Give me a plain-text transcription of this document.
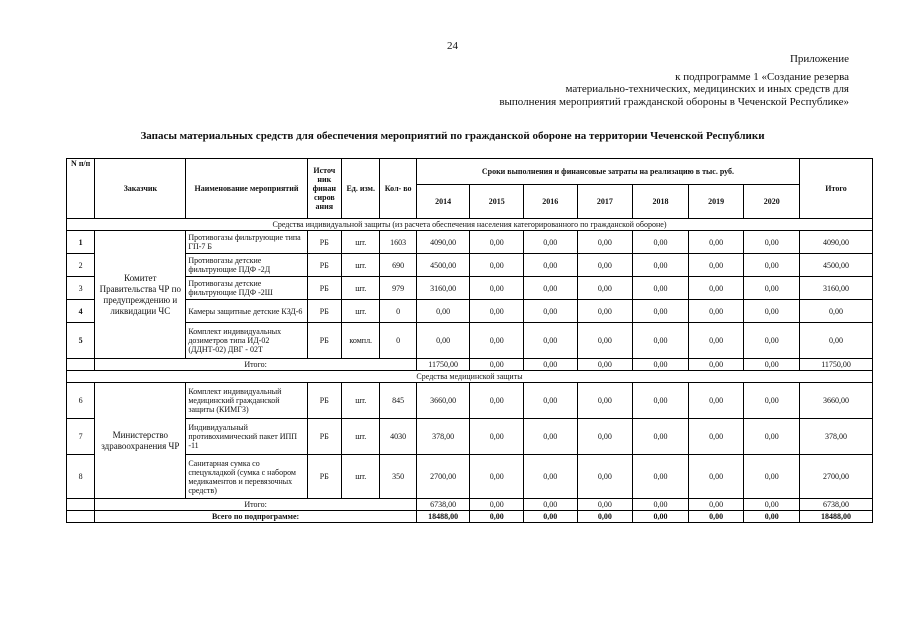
24
Приложение
к подпрограмме 1 «Создание резерва
материально-технических, медицинских и иных средств для
выполнения мероприятий гражданской обороны в Чеченской Республике»
Запасы материальных средств для обеспечения мероприятий по гражданской обороне на территории Чеченской Республики
N п/п	Заказчик	Наименование мероприятий	Источ ник финан сиров ания	Ед. изм.	Кол- во	Сроки выполнения и финансовые затраты на реализацию в тыс. руб.							Итого
						2014	2015	2016	2017	2018	2019	2020	
Средства индивидуальной защиты (из расчета обеспечения населения категорированного по гражданской обороне)													
1	Комитет Правительства ЧР по предупреждению и ликвидации ЧС	Противогазы фильтрующие типа ГП-7 Б	РБ	шт.	1603	4090,00	0,00	0,00	0,00	0,00	0,00	0,00	4090,00
2		Противогазы детские фильтрующие ПДФ -2Д	РБ	шт.	690	4500,00	0,00	0,00	0,00	0,00	0,00	0,00	4500,00
3		Противогазы детские фильтрующие ПДФ -2Ш	РБ	шт.	979	3160,00	0,00	0,00	0,00	0,00	0,00	0,00	3160,00
4		Камеры защитные детские КЗД-6	РБ	шт.	0	0,00	0,00	0,00	0,00	0,00	0,00	0,00	0,00
5		Комплект индивидуальных дозиметров типа ИД-02 (ДДНТ-02) ДВГ - 02Т	РБ	компл.	0	0,00	0,00	0,00	0,00	0,00	0,00	0,00	0,00
	Итого:					11750,00	0,00	0,00	0,00	0,00	0,00	0,00	11750,00
Средства медицинской защиты													
6	Министерство здравоохранения ЧР	Комплект индивидуальный медицинский гражданской защиты (КИМГЗ)	РБ	шт.	845	3660,00	0,00	0,00	0,00	0,00	0,00	0,00	3660,00
7		Индивидуальный противохимический пакет ИПП -11	РБ	шт.	4030	378,00	0,00	0,00	0,00	0,00	0,00	0,00	378,00
8		Санитарная сумка со спецукладкой (сумка с набором медикаментов и перевязочных средств)	РБ	шт.	350	2700,00	0,00	0,00	0,00	0,00	0,00	0,00	2700,00
	Итого:					6738,00	0,00	0,00	0,00	0,00	0,00	0,00	6738,00
	Всего по подпрограмме:					18488,00	0,00	0,00	0,00	0,00	0,00	0,00	18488,00
